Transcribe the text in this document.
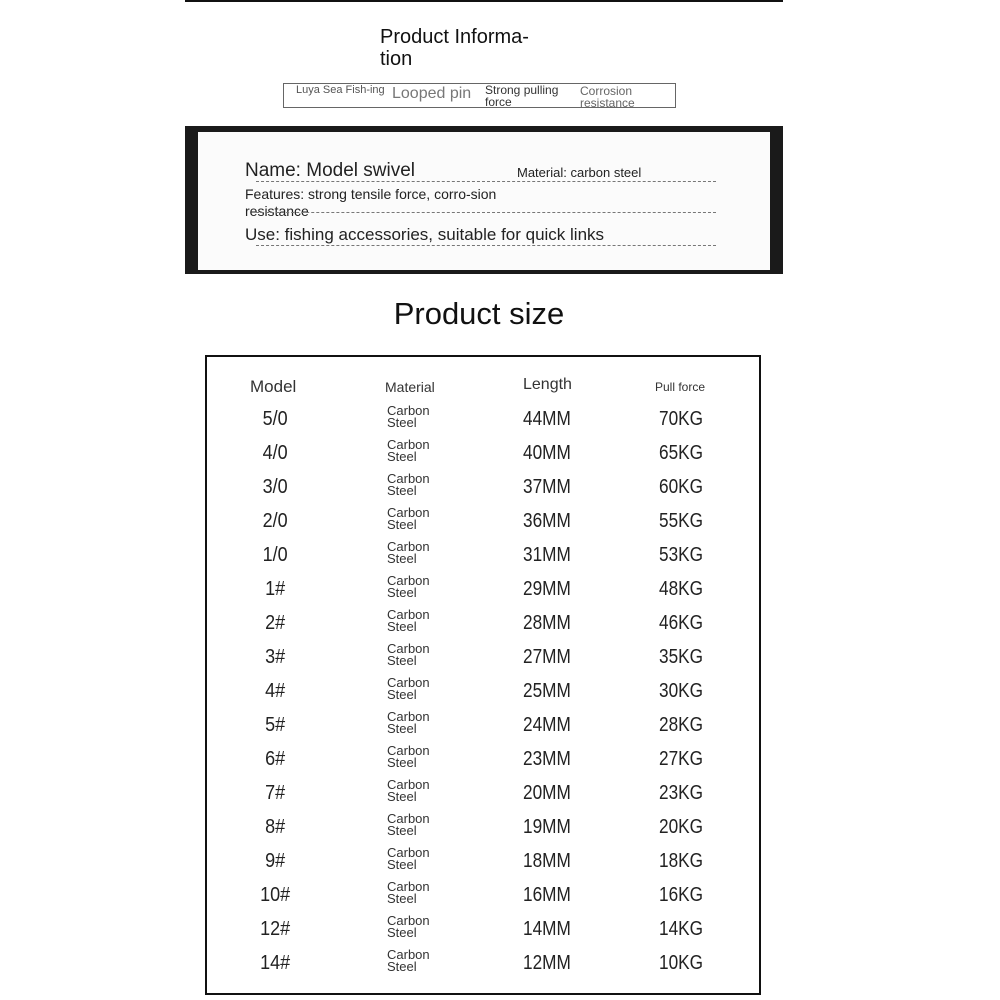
Product Informa-
tion
Luya Sea Fish-ing Looped pin Strong pulling force
Corrosion resistance
Name: Model swivel	Material: carbon steel
Features: strong tensile force, corro-sion resistance
Use: fishing accessories, suitable for quick links
Product size
Model	Material	Length	Pull force
5/0	Carbon Steel	44MM	70KG
4/0	Carbon Steel	40MM	65KG
3/0	Carbon Steel	37MM	60KG
2/0	Carbon Steel	36MM	55KG
1/0	Carbon Steel	31MM	53KG
1#	Carbon Steel	29MM	48KG
2#	Carbon Steel	28MM	46KG
3#	Carbon Steel	27MM	35KG
4#	Carbon Steel	25MM	30KG
5#	Carbon Steel	24MM	28KG
6#	Carbon Steel	23MM	27KG
7#	Carbon Steel	20MM	23KG
8#	Carbon Steel	19MM	20KG
9#	Carbon Steel	18MM	18KG
10#	Carbon Steel	16MM	16KG
12#	Carbon Steel	14MM	14KG
14#	Carbon Steel	12MM	10KG
